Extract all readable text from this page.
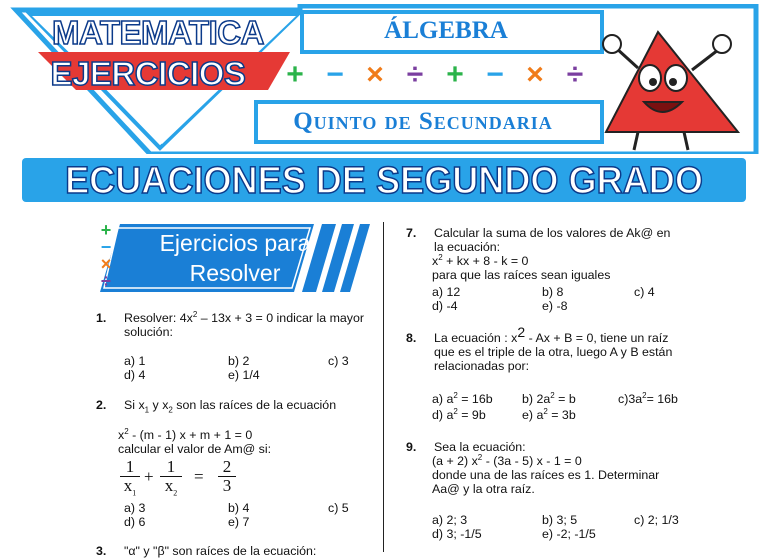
MATEMATICA
EJERCICIOS
ÁLGEBRA
Quinto de Secundaria
+ − × ÷ + − × ÷
ECUACIONES DE SEGUNDO GRADO
+
−
×
÷
Ejercicios para
Resolver
1. Resolver: $4x^2 - 13x + 3 = 0$ indicar la mayor
solución:
a) 1	b) 2	c) 3
d) 4	e) 1/4
2. Si $x_1$ y $x_2$ son las raíces de la ecuación
$x^2 - (m - 1) x + m + 1 = 0$
calcular el valor de Am@ si:
$\frac{1}{x_1} + \frac{1}{x_2} = \frac{2}{3}$
a) 3	b) 4	c) 5
d) 6	e) 7
3. "α" y "β" son raíces de la ecuación:
7. Calcular la suma de los valores de Ak@ en
la ecuación:
$x^2$ + kx + 8 - k = 0
para que las raíces sean iguales
a) 12	b) 8	c) 4
d) -4	e) -8
8. La ecuación : $x^2 - Ax + B = 0$, tiene un raíz
que es el triple de la otra, luego A y B están
relacionadas por:
a) $a^2 = 16b$ b) $2a^2 = b$	$c)3a^2= 16b$
d) $a^2 = 9b$	e) $a^2 = 3b$
9. Sea la ecuación:
(a + 2) $x^2 - (3a - 5)$ x - 1 = 0
donde una de las raíces es 1. Determinar
Aa@ y la otra raíz.
a) 2; 3	b) 3; 5	c) 2; 1/3
d) 3; -1/5	e) -2; -1/5
